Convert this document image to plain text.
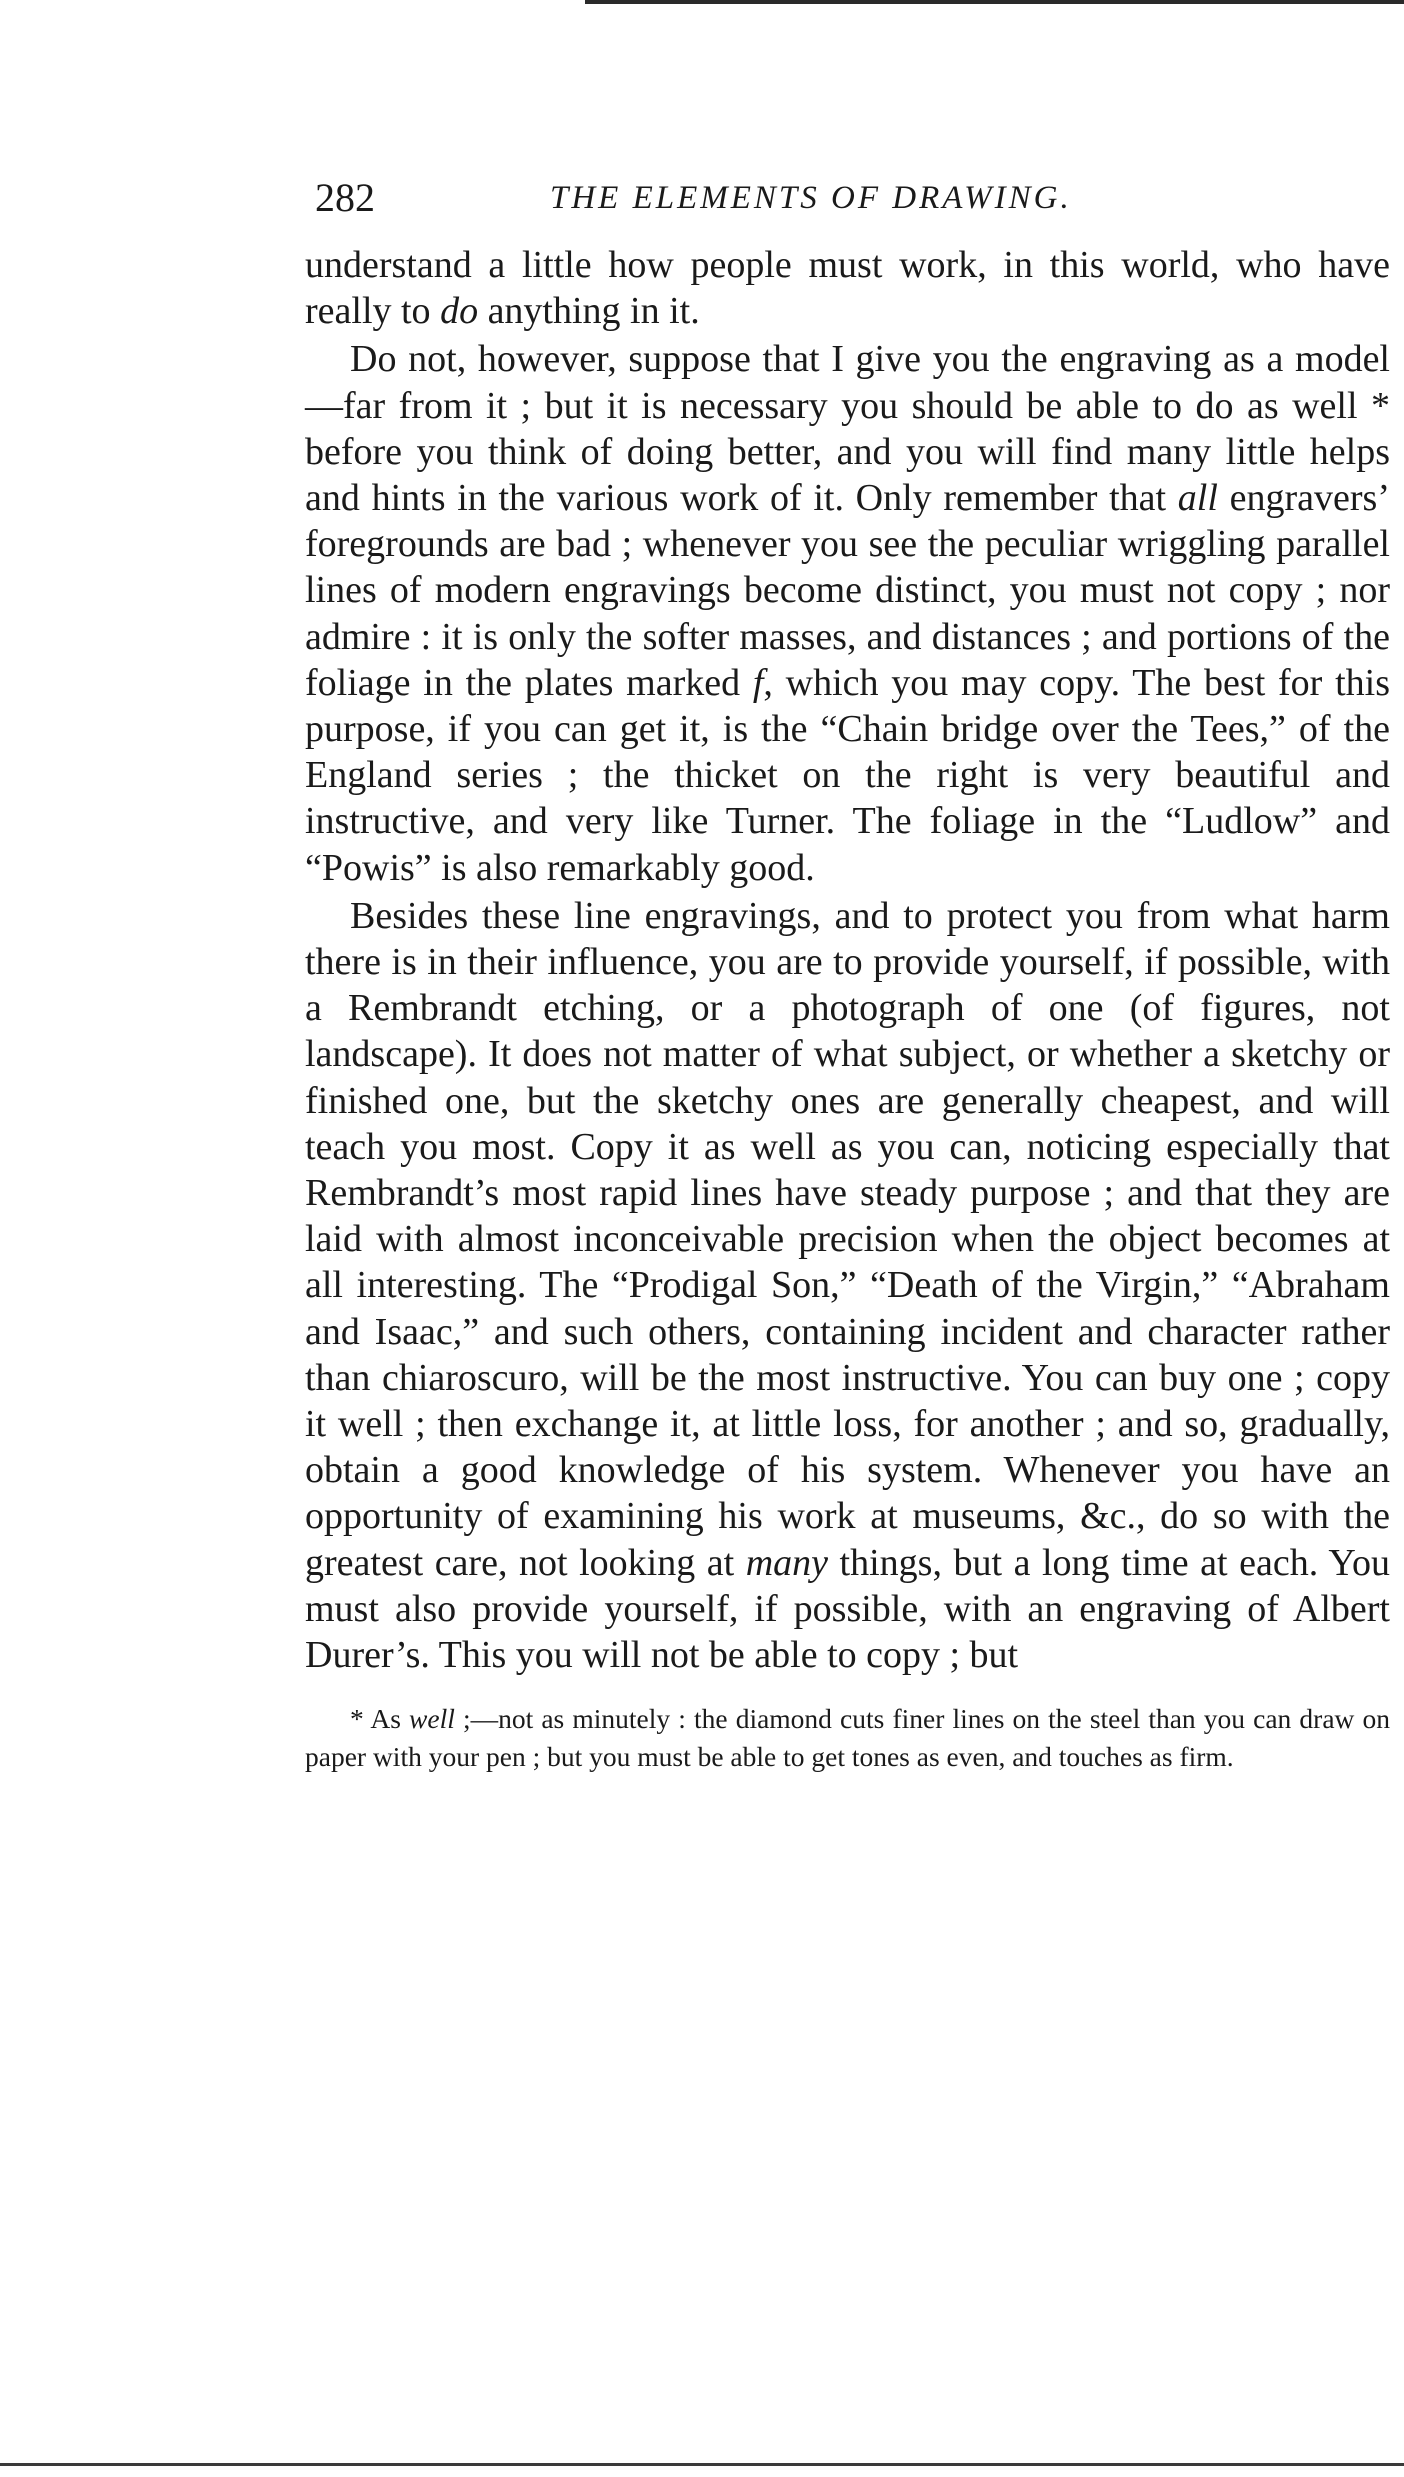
282	THE ELEMENTS OF DRAWING.

understand a little how people must work, in this world, who have really to do anything in it.

Do not, however, suppose that I give you the engraving as a model—far from it ; but it is necessary you should be able to do as well * before you think of doing better, and you will find many little helps and hints in the various work of it. Only remember that all engravers’ foregrounds are bad ; whenever you see the peculiar wriggling parallel lines of modern engravings become distinct, you must not copy ; nor admire : it is only the softer masses, and distances ; and portions of the foliage in the plates marked f, which you may copy. The best for this purpose, if you can get it, is the “Chain bridge over the Tees,” of the England series ; the thicket on the right is very beautiful and instructive, and very like Turner. The foliage in the “Ludlow” and “Powis” is also remarkably good.

Besides these line engravings, and to protect you from what harm there is in their influence, you are to provide yourself, if possible, with a Rembrandt etching, or a photograph of one (of figures, not landscape). It does not matter of what subject, or whether a sketchy or finished one, but the sketchy ones are generally cheapest, and will teach you most. Copy it as well as you can, noticing especially that Rembrandt’s most rapid lines have steady purpose ; and that they are laid with almost inconceivable precision when the object becomes at all interesting. The “Prodigal Son,” “Death of the Virgin,” “Abraham and Isaac,” and such others, containing incident and character rather than chiaroscuro, will be the most instructive. You can buy one ; copy it well ; then exchange it, at little loss, for another ; and so, gradually, obtain a good knowledge of his system. Whenever you have an opportunity of examining his work at museums, &c., do so with the greatest care, not looking at many things, but a long time at each. You must also provide yourself, if possible, with an engraving of Albert Durer’s. This you will not be able to copy ; but

* As well ;—not as minutely : the diamond cuts finer lines on the steel than you can draw on paper with your pen ; but you must be able to get tones as even, and touches as firm.
